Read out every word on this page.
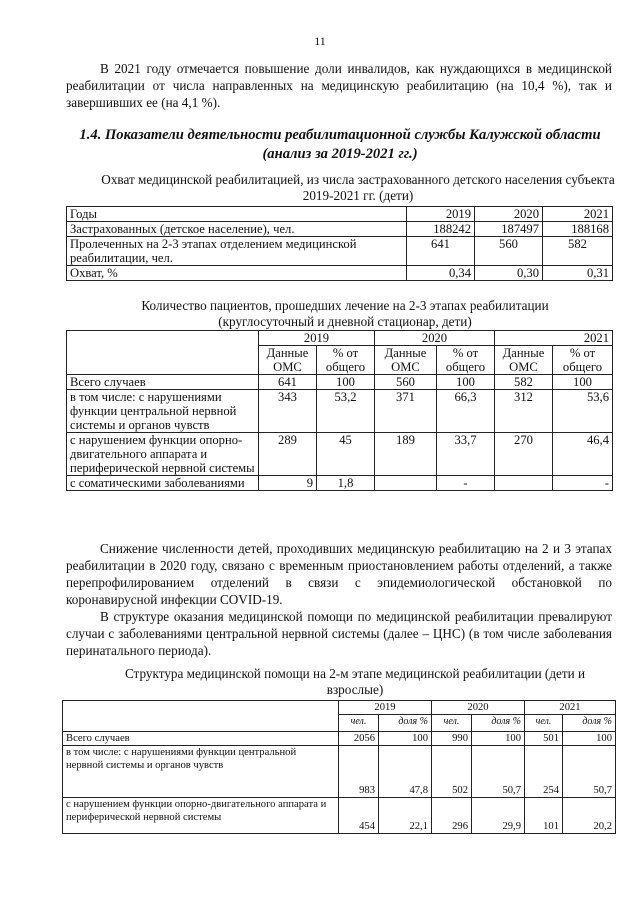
11

В 2021 году отмечается повышение доли инвалидов, как нуждающихся в медицинской реабилитации от числа направленных на медицинскую реабилитацию (на 10,4 %), так и завершивших ее (на 4,1 %).

1.4. Показатели деятельности реабилитационной службы Калужской области (анализ за 2019-2021 гг.)

Охват медицинской реабилитацией, из числа застрахованного детского населения субъекта 2019-2021 гг. (дети)

Годы	2019	2020	2021
Застрахованных (детское население), чел.	188242	187497	188168
Пролеченных на 2-3 этапах отделением медицинской реабилитации, чел.	641	560	582
Охват, %	0,34	0,30	0,31

Количество пациентов, прошедших лечение на 2-3 этапах реабилитации (круглосуточный и дневной стационар, дети)

	2019		2020		2021	
	Данные ОМС	% от общего	Данные ОМС	% от общего	Данные ОМС	% от общего
Всего случаев	641	100	560	100	582	100
в том числе: с нарушениями функции центральной нервной системы и органов чувств	343	53,2	371	66,3	312	53,6
с нарушением функции опорно-двигательного аппарата и периферической нервной системы	289	45	189	33,7	270	46,4
с соматическими заболеваниями	9	1,8		-		-

Снижение численности детей, проходивших медицинскую реабилитацию на 2 и 3 этапах реабилитации в 2020 году, связано с временным приостановлением работы отделений, а также перепрофилированием отделений в связи с эпидемиологической обстановкой по коронавирусной инфекции COVID-19.

В структуре оказания медицинской помощи по медицинской реабилитации превалируют случаи с заболеваниями центральной нервной системы (далее – ЦНС) (в том числе заболевания перинатального периода).

Структура медицинской помощи на 2-м этапе медицинской реабилитации (дети и взрослые)

	2019		2020		2021	
	чел.	доля %	чел.	доля %	чел.	доля %
Всего случаев	2056	100	990	100	501	100
в том числе: с нарушениями функции центральной нервной системы и органов чувств	983	47,8	502	50,7	254	50,7
с нарушением функции опорно-двигательного аппарата и периферической нервной системы	454	22,1	296	29,9	101	20,2
